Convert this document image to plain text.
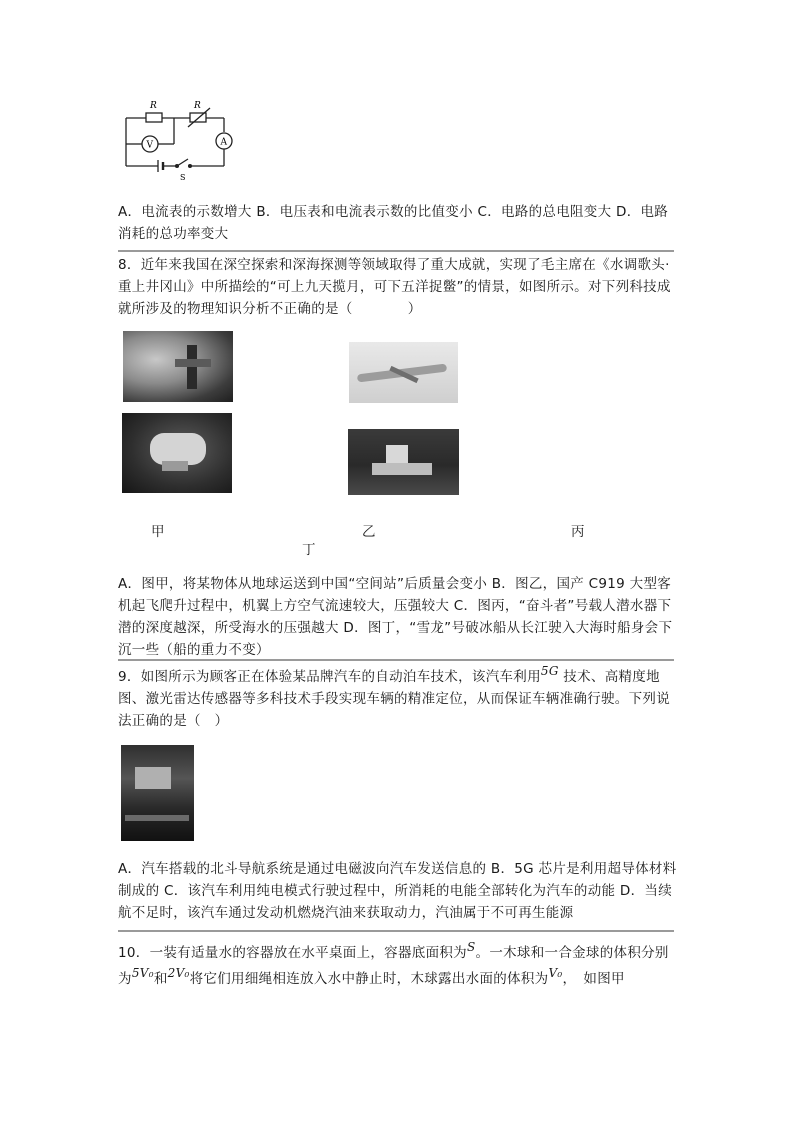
R	R
V	A
S
A．电流表的示数增大 B．电压表和电流表示数的比值变小 C．电路的总电阻变大 D．电路消耗的总功率变大
8．近年来我国在深空探索和深海探测等领域取得了重大成就，实现了毛主席在《水调歌头·重上井冈山》中所描绘的“可上九天揽月，可下五洋捉鳖”的情景，如图所示。对下列科技成就所涉及的物理知识分析不正确的是（　　　　）
甲	乙	丙
丁
A．图甲，将某物体从地球运送到中国“空间站”后质量会变小 B．图乙，国产 C919 大型客机起飞爬升过程中，机翼上方空气流速较大，压强较大 C．图丙，“奋斗者”号载人潜水器下潜的深度越深，所受海水的压强越大 D．图丁，“雪龙”号破冰船从长江驶入大海时船身会下沉一些（船的重力不变）
9．如图所示为顾客正在体验某品牌汽车的自动泊车技术，该汽车利用5G 技术、高精度地图、激光雷达传感器等多科技术手段实现车辆的精准定位，从而保证车辆准确行驶。下列说法正确的是（　）
A．汽车搭载的北斗导航系统是通过电磁波向汽车发送信息的 B．5G 芯片是利用超导体材料制成的 C．该汽车利用纯电模式行驶过程中，所消耗的电能全部转化为汽车的动能 D．当续航不足时，该汽车通过发动机燃烧汽油来获取动力，汽油属于不可再生能源
10．一装有适量水的容器放在水平桌面上，容器底面积为S。一木球和一合金球的体积分别为5V₀和2V₀将它们用细绳相连放入水中静止时，木球露出水面的体积为V₀，　如图甲
